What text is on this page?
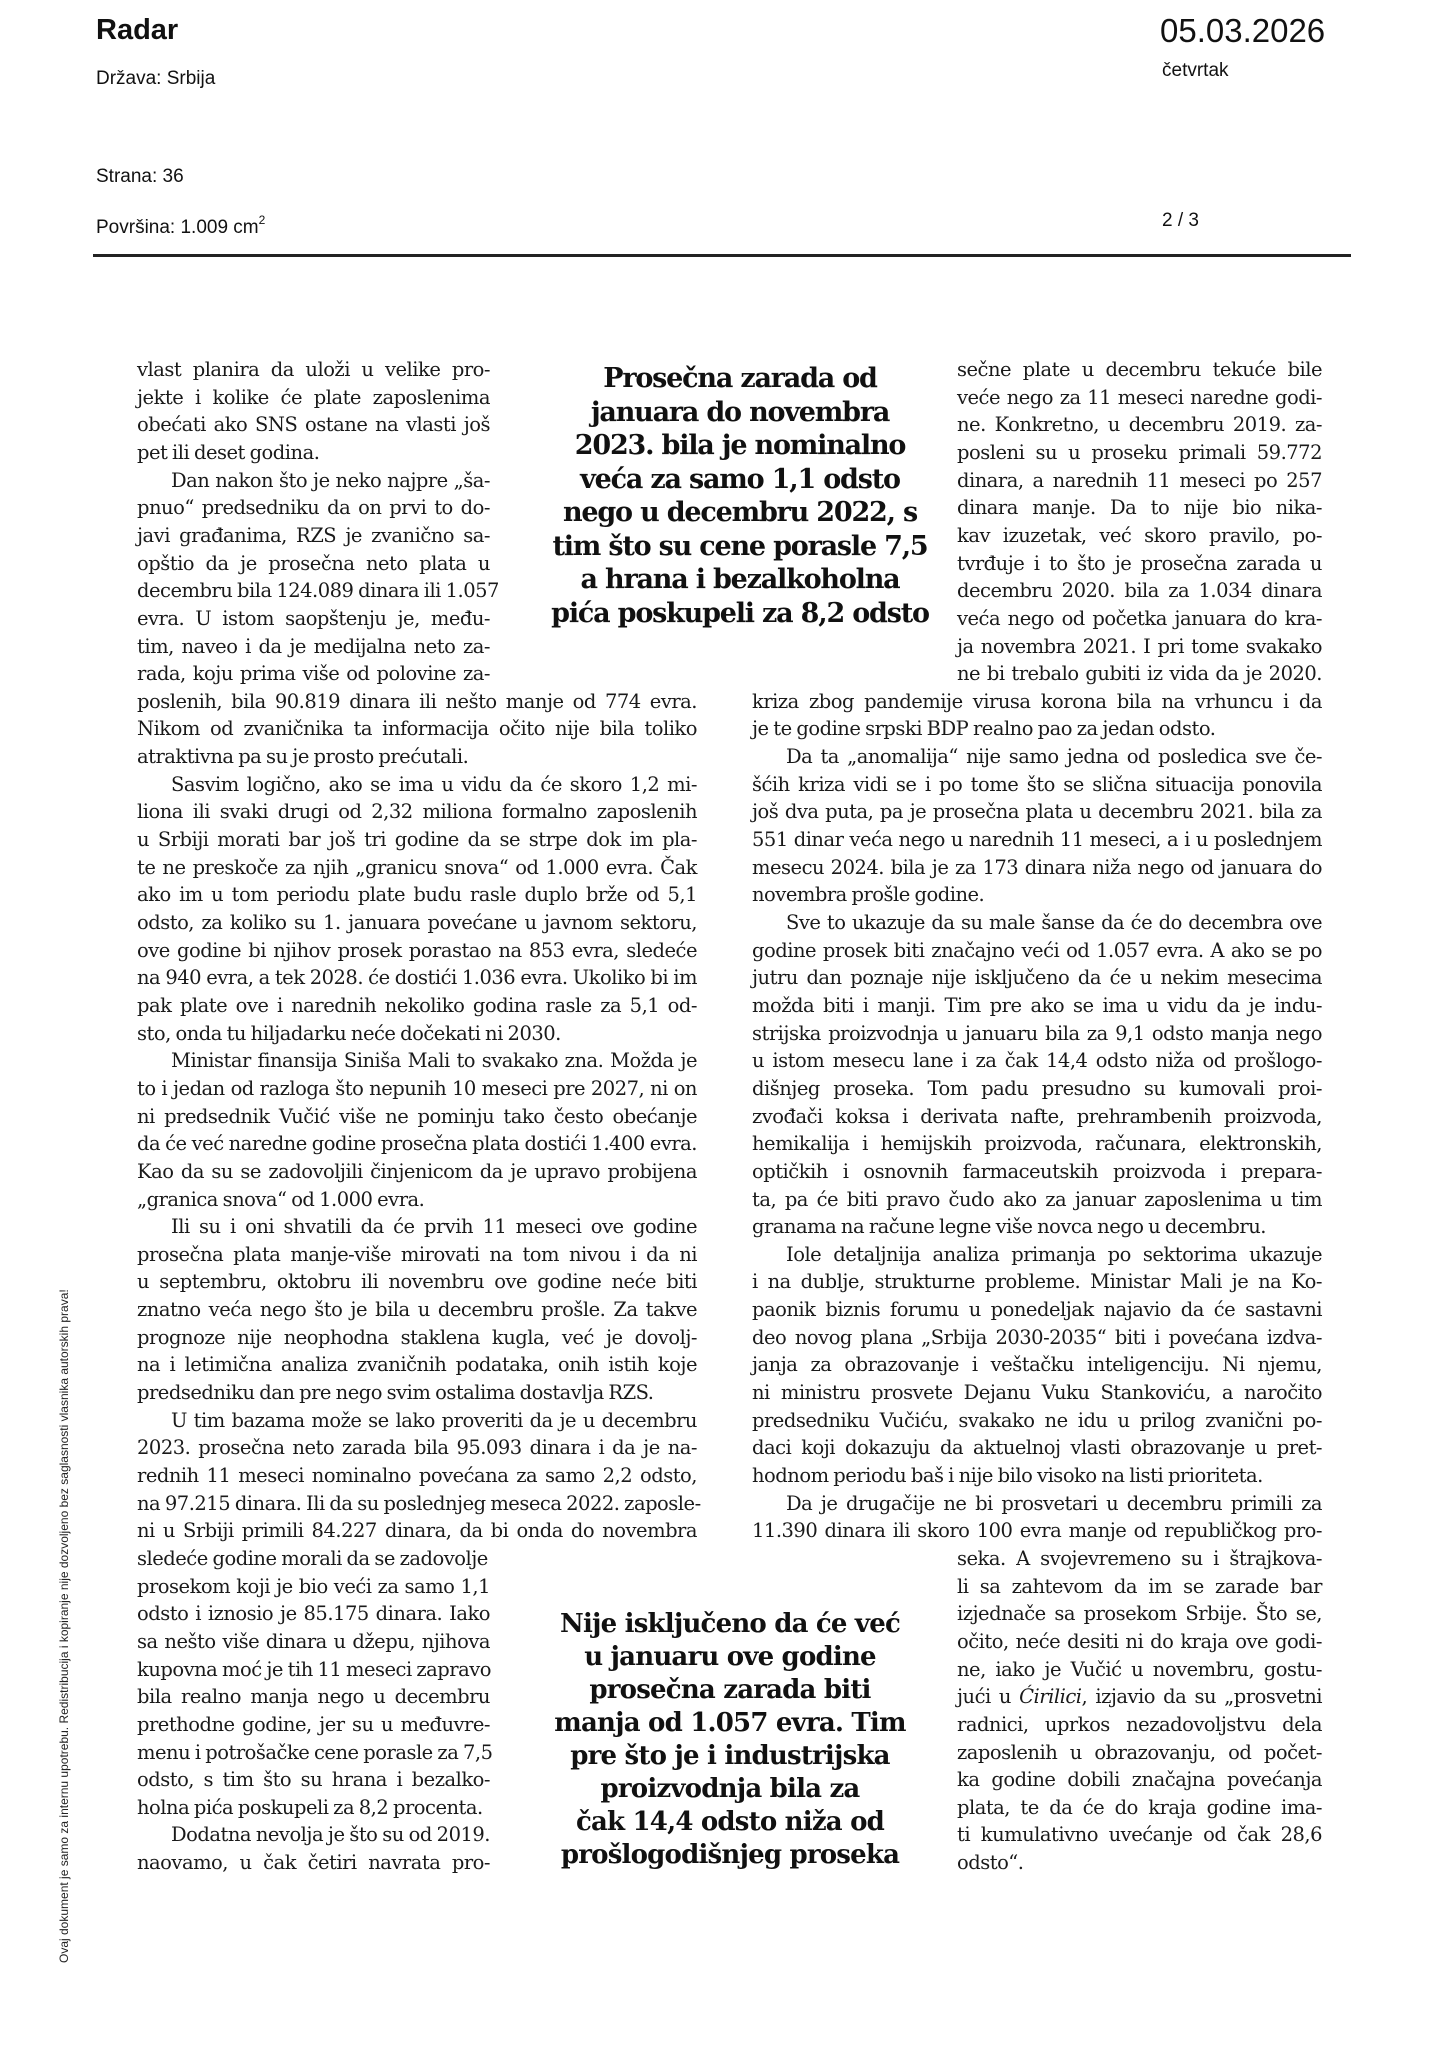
Radar
Država: Srbija
Strana: 36
Površina: 1.009 $cm^2$
05.03.2026
četvrtak
2 / 3
vlast planira da uloži u velike pro-
jekte i kolike će plate zaposlenima
obećati ako SNS ostane na vlasti još
pet ili deset godina.
Dan nakon što je neko najpre „ša-
pnuo“ predsedniku da on prvi to do-
javi građanima, RZS je zvanično sa-
opštio da je prosečna neto plata u
decembru bila 124.089 dinara ili 1.057
evra. U istom saopštenju je, među-
tim, naveo i da je medijalna neto za-
rada, koju prima više od polovine za-
poslenih, bila 90.819 dinara ili nešto manje od 774 evra.
Nikom od zvaničnika ta informacija očito nije bila toliko
atraktivna pa su je prosto prećutali.
Sasvim logično, ako se ima u vidu da će skoro 1,2 mi-
liona ili svaki drugi od 2,32 miliona formalno zaposlenih
u Srbiji morati bar još tri godine da se strpe dok im pla-
te ne preskoče za njih „granicu snova“ od 1.000 evra. Čak
ako im u tom periodu plate budu rasle duplo brže od 5,1
odsto, za koliko su 1. januara povećane u javnom sektoru,
ove godine bi njihov prosek porastao na 853 evra, sledeće
na 940 evra, a tek 2028. će dostići 1.036 evra. Ukoliko bi im
pak plate ove i narednih nekoliko godina rasle za 5,1 od-
sto, onda tu hiljadarku neće dočekati ni 2030.
Ministar finansija Siniša Mali to svakako zna. Možda je
to i jedan od razloga što nepunih 10 meseci pre 2027, ni on
ni predsednik Vučić više ne pominju tako često obećanje
da će već naredne godine prosečna plata dostići 1.400 evra.
Kao da su se zadovoljili činjenicom da je upravo probijena
„granica snova“ od 1.000 evra.
Ili su i oni shvatili da će prvih 11 meseci ove godine
prosečna plata manje-više mirovati na tom nivou i da ni
u septembru, oktobru ili novembru ove godine neće biti
znatno veća nego što je bila u decembru prošle. Za takve
prognoze nije neophodna staklena kugla, već je dovolj-
na i letimična analiza zvaničnih podataka, onih istih koje
predsedniku dan pre nego svim ostalima dostavlja RZS.
U tim bazama može se lako proveriti da je u decembru
2023. prosečna neto zarada bila 95.093 dinara i da je na-
rednih 11 meseci nominalno povećana za samo 2,2 odsto,
na 97.215 dinara. Ili da su poslednjeg meseca 2022. zaposle-
ni u Srbiji primili 84.227 dinara, da bi onda do novembra
sledeće godine morali da se zadovolje
prosekom koji je bio veći za samo 1,1
odsto i iznosio je 85.175 dinara. Iako
sa nešto više dinara u džepu, njihova
kupovna moć je tih 11 meseci zapravo
bila realno manja nego u decembru
prethodne godine, jer su u međuvre-
menu i potrošačke cene porasle za 7,5
odsto, s tim što su hrana i bezalko-
holna pića poskupeli za 8,2 procenta.
Dodatna nevolja je što su od 2019.
naovamo, u čak četiri navrata pro-
sečne plate u decembru tekuće bile
veće nego za 11 meseci naredne godi-
ne. Konkretno, u decembru 2019. za-
posleni su u proseku primali 59.772
dinara, a narednih 11 meseci po 257
dinara manje. Da to nije bio nika-
kav izuzetak, već skoro pravilo, po-
tvrđuje i to što je prosečna zarada u
decembru 2020. bila za 1.034 dinara
veća nego od početka januara do kra-
ja novembra 2021. I pri tome svakako
ne bi trebalo gubiti iz vida da je 2020.
kriza zbog pandemije virusa korona bila na vrhuncu i da
je te godine srpski BDP realno pao za jedan odsto.
Da ta „anomalija“ nije samo jedna od posledica sve če-
šćih kriza vidi se i po tome što se slična situacija ponovila
još dva puta, pa je prosečna plata u decembru 2021. bila za
551 dinar veća nego u narednih 11 meseci, a i u poslednjem
mesecu 2024. bila je za 173 dinara niža nego od januara do
novembra prošle godine.
Sve to ukazuje da su male šanse da će do decembra ove
godine prosek biti značajno veći od 1.057 evra. A ako se po
jutru dan poznaje nije isključeno da će u nekim mesecima
možda biti i manji. Tim pre ako se ima u vidu da je indu-
strijska proizvodnja u januaru bila za 9,1 odsto manja nego
u istom mesecu lane i za čak 14,4 odsto niža od prošlogo-
dišnjeg proseka. Tom padu presudno su kumovali proi-
zvođači koksa i derivata nafte, prehrambenih proizvoda,
hemikalija i hemijskih proizvoda, računara, elektronskih,
optičkih i osnovnih farmaceutskih proizvoda i prepara-
ta, pa će biti pravo čudo ako za januar zaposlenima u tim
granama na račune legne više novca nego u decembru.
Iole detaljnija analiza primanja po sektorima ukazuje
i na dublje, strukturne probleme. Ministar Mali je na Ko-
paonik biznis forumu u ponedeljak najavio da će sastavni
deo novog plana „Srbija 2030-2035“ biti i povećana izdva-
janja za obrazovanje i veštačku inteligenciju. Ni njemu,
ni ministru prosvete Dejanu Vuku Stankoviću, a naročito
predsedniku Vučiću, svakako ne idu u prilog zvanični po-
daci koji dokazuju da aktuelnoj vlasti obrazovanje u pret-
hodnom periodu baš i nije bilo visoko na listi prioriteta.
Da je drugačije ne bi prosvetari u decembru primili za
11.390 dinara ili skoro 100 evra manje od republičkog pro-
seka. A svojevremeno su i štrajkova-
li sa zahtevom da im se zarade bar
izjednače sa prosekom Srbije. Što se,
očito, neće desiti ni do kraja ove godi-
ne, iako je Vučić u novembru, gostu-
jući u Ćirilici, izjavio da su „prosvetni
radnici, uprkos nezadovoljstvu dela
zaposlenih u obrazovanju, od počet-
ka godine dobili značajna povećanja
plata, te da će do kraja godine ima-
ti kumulativno uvećanje od čak 28,6
odsto“.
Prosečna zarada od
januara do novembra
2023. bila je nominalno
veća za samo 1,1 odsto
nego u decembru 2022, s
tim što su cene porasle 7,5
a hrana i bezalkoholna
pića poskupeli za 8,2 odsto
Nije isključeno da će već
u januaru ove godine
prosečna zarada biti
manja od 1.057 evra. Tim
pre što je i industrijska
proizvodnja bila za
čak 14,4 odsto niža od
prošlogodišnjeg proseka
Ovaj dokument je samo za internu upotrebu. Redistribucija i kopiranje nije dozvoljeno bez saglasnosti vlasnika autorskih prava!
